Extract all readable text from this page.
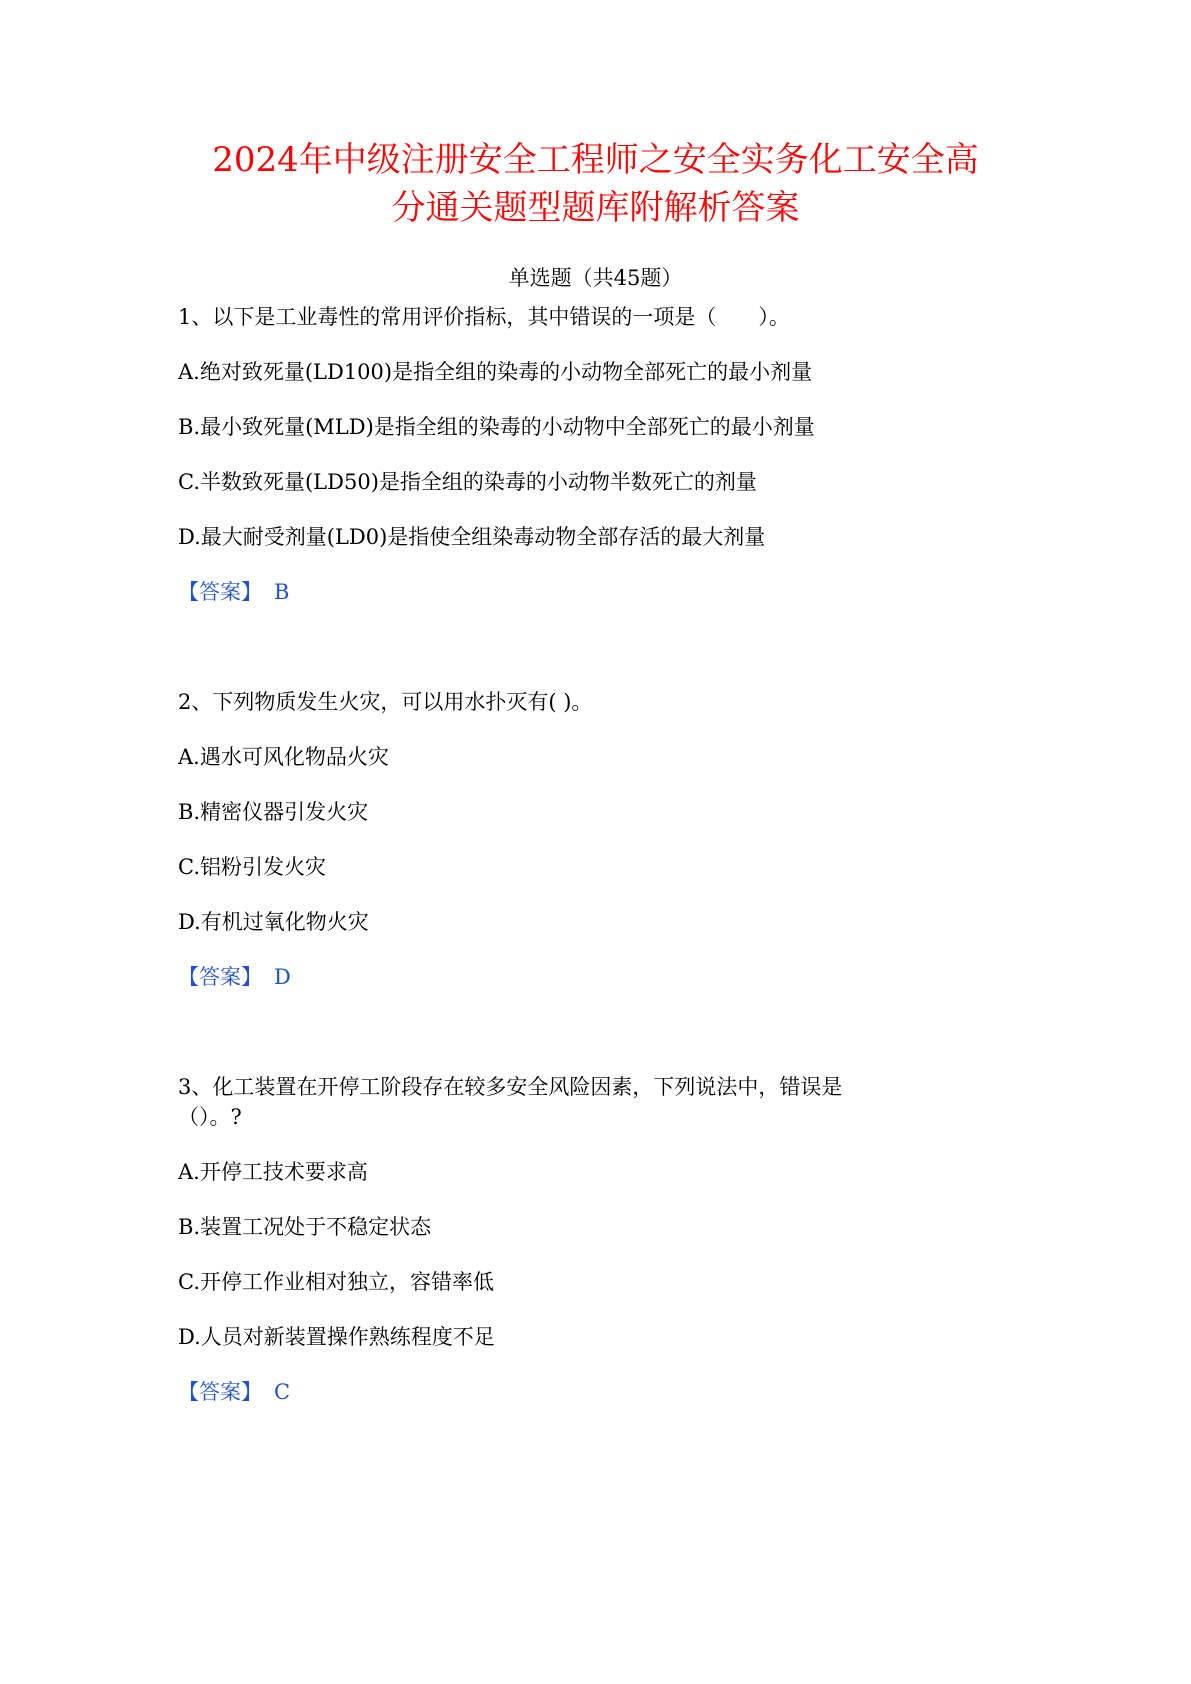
2024年中级注册安全工程师之安全实务化工安全高
分通关题型题库附解析答案
单选题（共45题）
1、以下是工业毒性的常用评价指标，其中错误的一项是（　　）。
A.绝对致死量(LD100)是指全组的染毒的小动物全部死亡的最小剂量
B.最小致死量(MLD)是指全组的染毒的小动物中全部死亡的最小剂量
C.半数致死量(LD50)是指全组的染毒的小动物半数死亡的剂量
D.最大耐受剂量(LD0)是指使全组染毒动物全部存活的最大剂量
【答案】 B
2、下列物质发生火灾，可以用水扑灭有( )。
A.遇水可风化物品火灾
B.精密仪器引发火灾
C.铝粉引发火灾
D.有机过氧化物火灾
【答案】 D
3、化工装置在开停工阶段存在较多安全风险因素，下列说法中，错误是
（）。?
A.开停工技术要求高
B.装置工况处于不稳定状态
C.开停工作业相对独立，容错率低
D.人员对新装置操作熟练程度不足
【答案】 C
